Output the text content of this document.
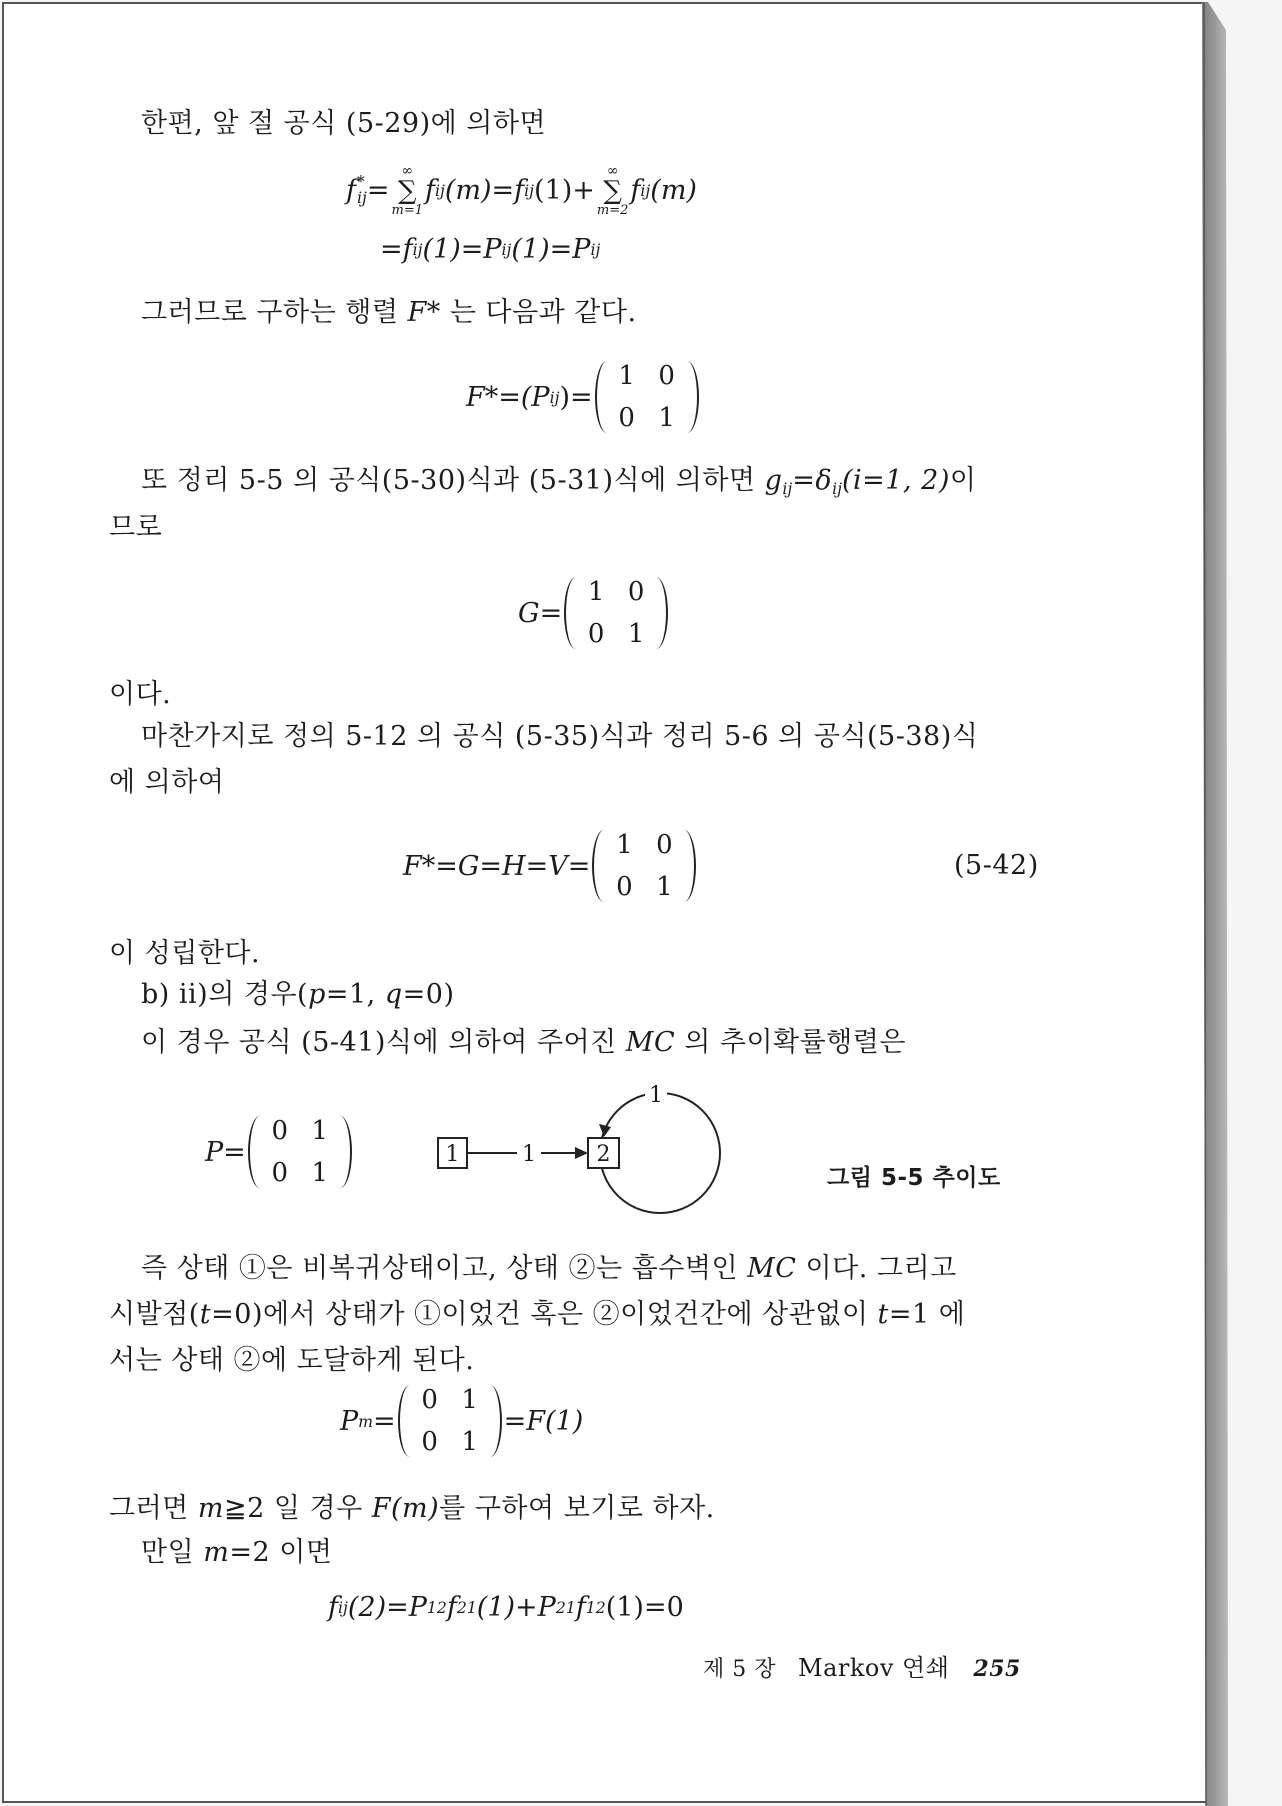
한편, 앞 절 공식 (5-29)에 의하면
f *
ij =
∞
∑
m=1
f ij (m) =f ij (1)+
∞
∑
m=2
f ij (m)
=f ij (1)=P ij (1)=P ij
그러므로 구하는 행렬 F* 는 다음과 같다.
F*=(P ij )=
1 0
0 1
또 정리 5-5 의 공식(5-30)식과 (5-31)식에 의하면 gij=δij(i=1, 2)이
므로
G=
1 0
0 1
이다.
마찬가지로 정의 5-12 의 공식 (5-35)식과 정리 5-6 의 공식(5-38)식
에 의하여
F*=G=H=V=
1 0
0 1
(5-42)
이 성립한다.
b) ii)의 경우(p=1, q=0)
이 경우 공식 (5-41)식에 의하여 주어진 MC 의 추이확률행렬은
P=
0 1
0 1
1	1
1
2
그림 5-5 추이도
즉 상태 ①은 비복귀상태이고, 상태 ②는 흡수벽인 MC 이다. 그리고
시발점(t=0)에서 상태가 ①이었건 혹은 ②이었건간에 상관없이 t=1 에
서는 상태 ②에 도달하게 된다.
P m =
0 1
0 1
=F(1)
그러면 m≧2 일 경우 F(m)를 구하여 보기로 하자.
만일 m=2 이면
f ij (2)=P 12 f 21 (1)+P 21 f 12 (1)=0
제 5 장 Markov 연쇄 255
